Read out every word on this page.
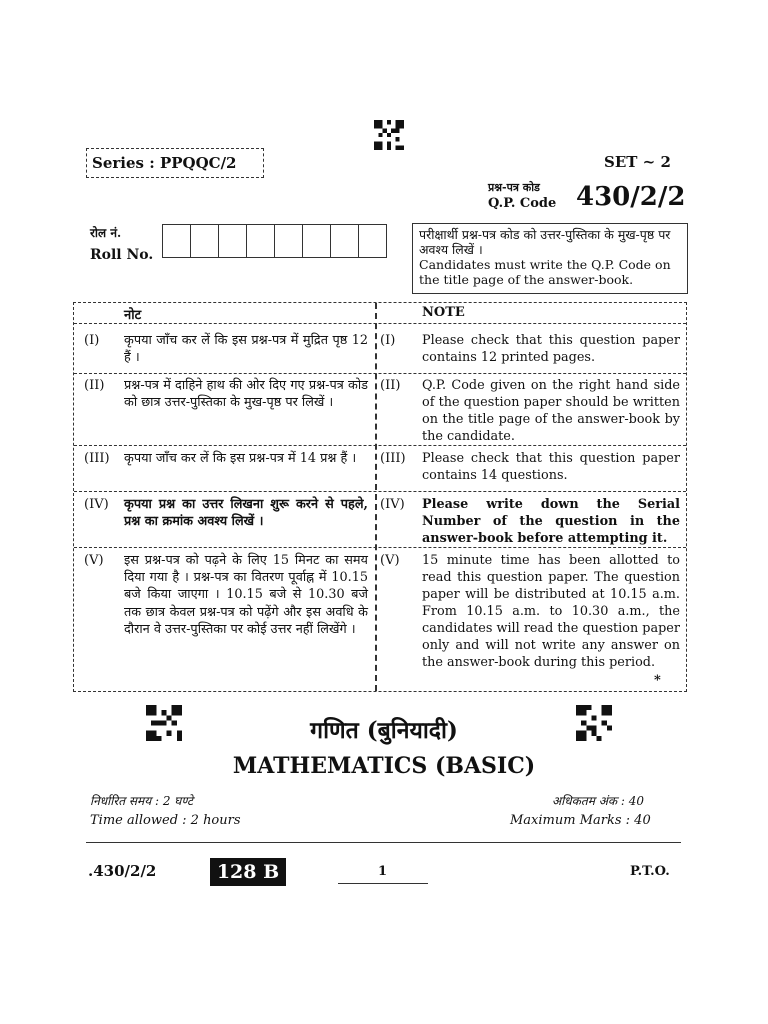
Series : PPQQC/2	SET ~ 2
प्रश्न-पत्र कोड
Q.P. Code 430/2/2
रोल नं.
Roll No.
परीक्षार्थी प्रश्न-पत्र कोड को उत्तर-पुस्तिका के मुख-पृष्ठ पर अवश्य लिखें ।
Candidates must write the Q.P. Code on the title page of the answer-book.
नोट	NOTE
(I) कृपया जाँच कर लें कि इस प्रश्न-पत्र में मुद्रित पृष्ठ 12 हैं ।
(I) Please check that this question paper contains 12 printed pages.
(II) प्रश्न-पत्र में दाहिने हाथ की ओर दिए गए प्रश्न-पत्र कोड को छात्र उत्तर-पुस्तिका के मुख-पृष्ठ पर लिखें ।
(II) Q.P. Code given on the right hand side of the question paper should be written on the title page of the answer-book by the candidate.
(III) कृपया जाँच कर लें कि इस प्रश्न-पत्र में 14 प्रश्न हैं ।	(III) Please check that this question paper contains 14 questions.
(IV) कृपया प्रश्न का उत्तर लिखना शुरू करने से पहले, प्रश्न का क्रमांक अवश्य लिखें ।
(IV) Please write down the Serial Number of the question in the answer-book before attempting it.
(V) इस प्रश्न-पत्र को पढ़ने के लिए 15 मिनट का समय दिया गया है । प्रश्न-पत्र का वितरण पूर्वाह्न में 10.15 बजे किया जाएगा । 10.15 बजे से 10.30 बजे तक छात्र केवल प्रश्न-पत्र को पढ़ेंगे और इस अवधि के दौरान वे उत्तर-पुस्तिका पर कोई उत्तर नहीं लिखेंगे ।
(V) 15 minute time has been allotted to read this question paper. The question paper will be distributed at 10.15 a.m. From 10.15 a.m. to 10.30 a.m., the candidates will read the question paper only and will not write any answer on the answer-book during this period.
*
गणित (बुनियादी)
MATHEMATICS (BASIC)
निर्धारित समय : 2 घण्टे
Time allowed : 2 hours
अधिकतम अंक : 40
Maximum Marks : 40
.430/2/2	128 B	1	P.T.O.
